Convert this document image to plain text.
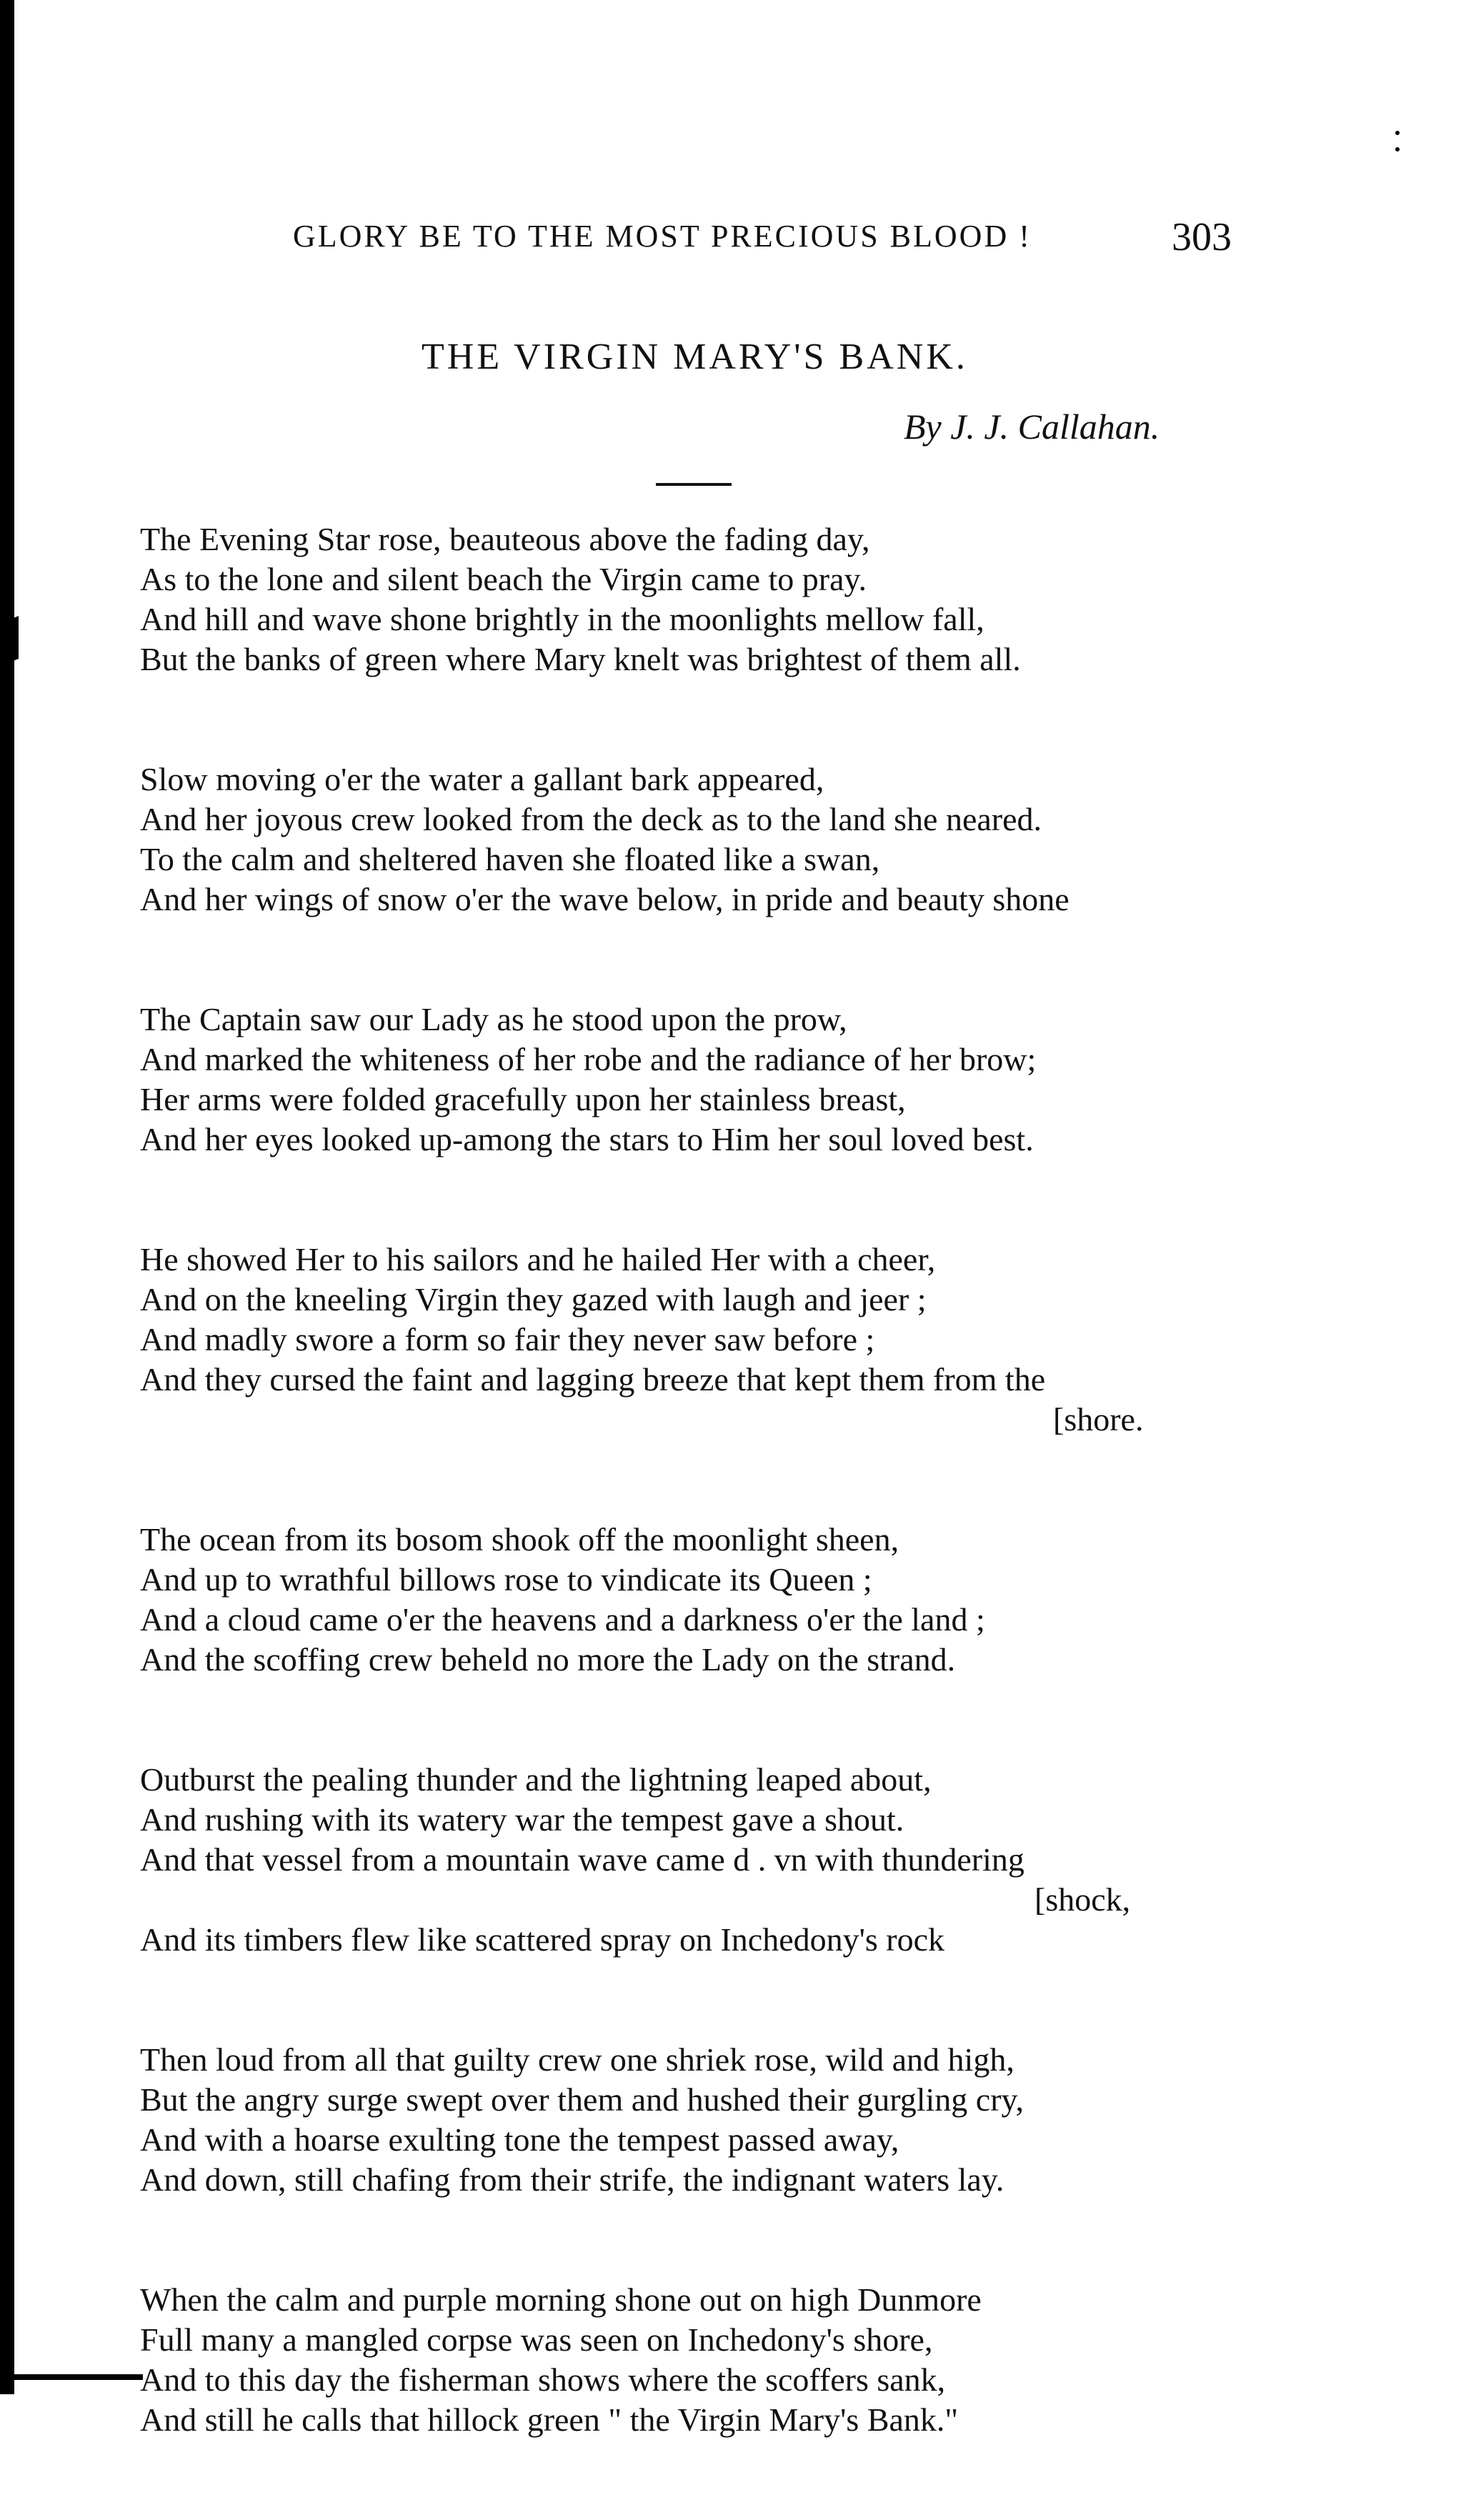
GLORY BE TO THE MOST PRECIOUS BLOOD !	303
THE VIRGIN MARY'S BANK.
By J. J. Callahan.
The Evening Star rose, beauteous above the fading day,
As to the lone and silent beach the Virgin came to pray.
And hill and wave shone brightly in the moonlights mellow fall,
But the banks of green where Mary knelt was brightest of them all.
Slow moving o'er the water a gallant bark appeared,
And her joyous crew looked from the deck as to the land she neared.
To the calm and sheltered haven she floated like a swan,
And her wings of snow o'er the wave below, in pride and beauty shone
The Captain saw our Lady as he stood upon the prow,
And marked the whiteness of her robe and the radiance of her brow;
Her arms were folded gracefully upon her stainless breast,
And her eyes looked up-among the stars to Him her soul loved best.
He showed Her to his sailors and he hailed Her with a cheer,
And on the kneeling Virgin they gazed with laugh and jeer ;
And madly swore a form so fair they never saw before ;
And they cursed the faint and lagging breeze that kept them from the
[shore.
The ocean from its bosom shook off the moonlight sheen,
And up to wrathful billows rose to vindicate its Queen ;
And a cloud came o'er the heavens and a darkness o'er the land ;
And the scoffing crew beheld no more the Lady on the strand.
Outburst the pealing thunder and the lightning leaped about,
And rushing with its watery war the tempest gave a shout.
And that vessel from a mountain wave came d . vn with thundering
[shock,
And its timbers flew like scattered spray on Inchedony's rock
Then loud from all that guilty crew one shriek rose, wild and high,
But the angry surge swept over them and hushed their gurgling cry,
And with a hoarse exulting tone the tempest passed away,
And down, still chafing from their strife, the indignant waters lay.
When the calm and purple morning shone out on high Dunmore
Full many a mangled corpse was seen on Inchedony's shore,
And to this day the fisherman shows where the scoffers sank,
And still he calls that hillock green " the Virgin Mary's Bank."
